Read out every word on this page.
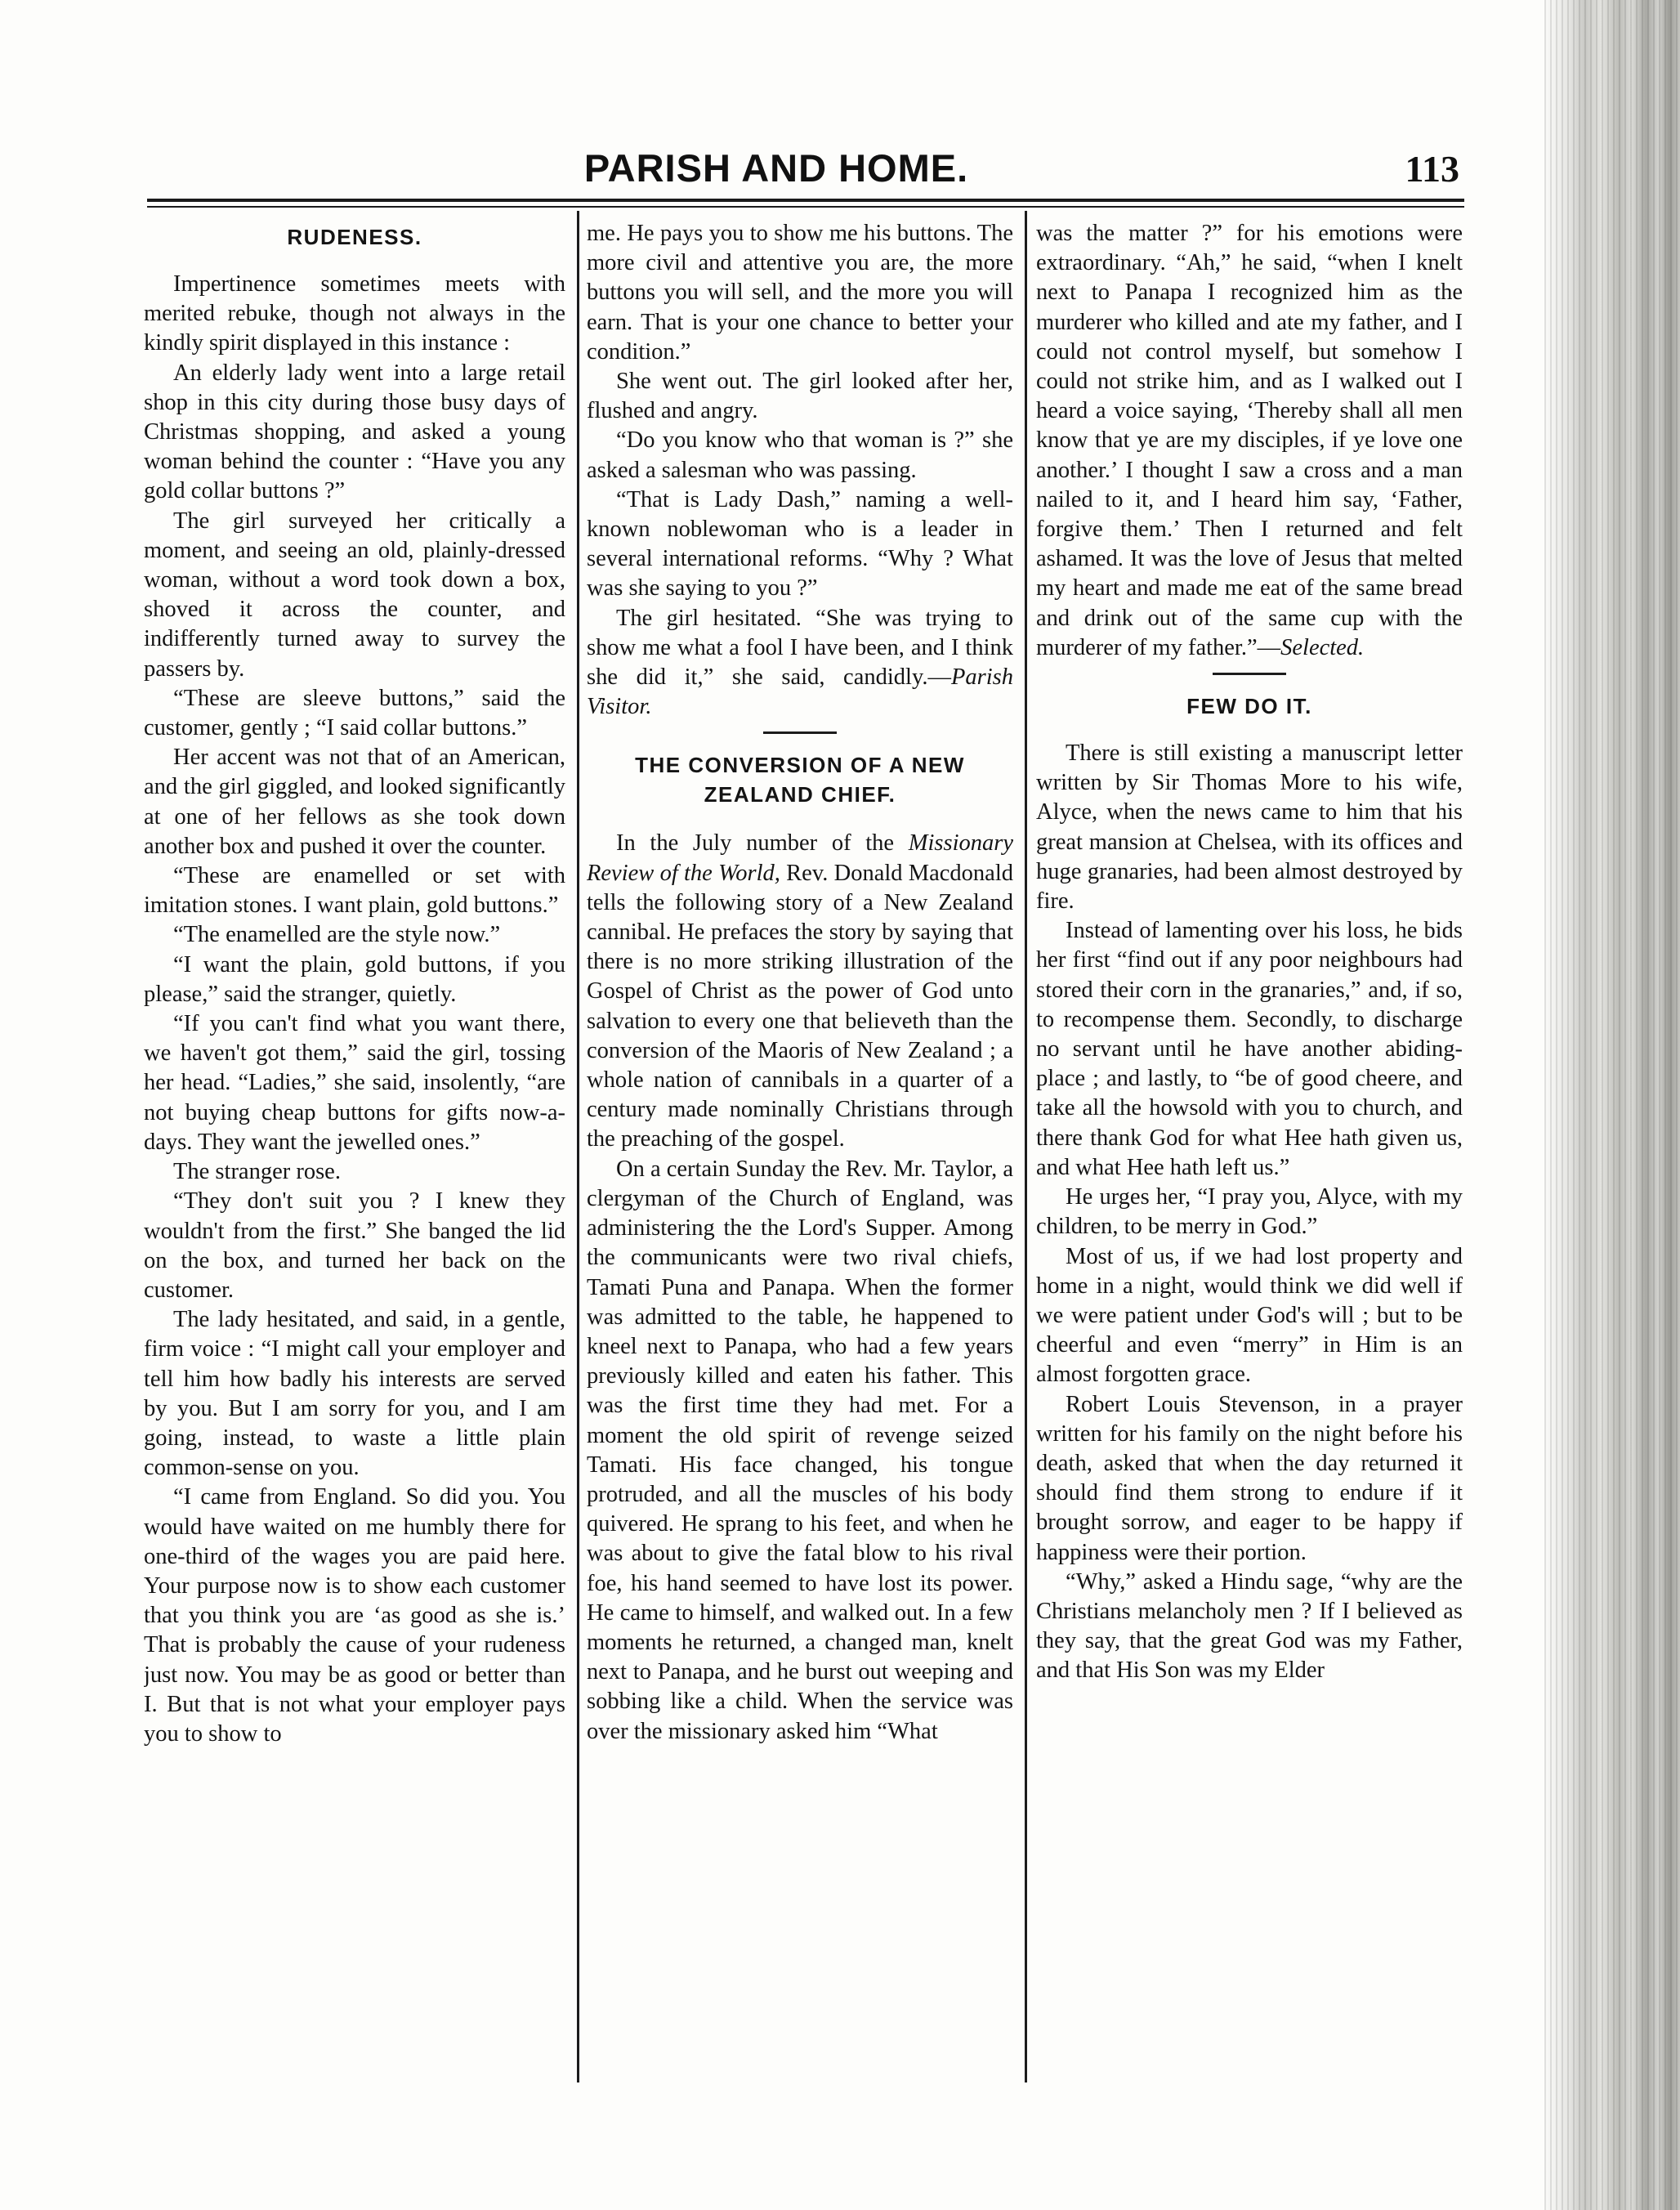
PARISH AND HOME.	113
RUDENESS.

Impertinence sometimes meets with merited rebuke, though not always in the kindly spirit displayed in this instance :

An elderly lady went into a large retail shop in this city during those busy days of Christmas shopping, and asked a young woman behind the counter : “Have you any gold collar buttons ?”

The girl surveyed her critically a moment, and seeing an old, plainly-dressed woman, without a word took down a box, shoved it across the counter, and indifferently turned away to survey the passers by.

“These are sleeve buttons,” said the customer, gently ; “I said collar buttons.”

Her accent was not that of an American, and the girl giggled, and looked significantly at one of her fellows as she took down another box and pushed it over the counter.

“These are enamelled or set with imitation stones. I want plain, gold buttons.”

“The enamelled are the style now.”

“I want the plain, gold buttons, if you please,” said the stranger, quietly.

“If you can't find what you want there, we haven't got them,” said the girl, tossing her head. “Ladies,” she said, insolently, “are not buying cheap buttons for gifts now-a-days. They want the jewelled ones.”

The stranger rose.

“They don't suit you ? I knew they wouldn't from the first.” She banged the lid on the box, and turned her back on the customer.

The lady hesitated, and said, in a gentle, firm voice : “I might call your employer and tell him how badly his interests are served by you. But I am sorry for you, and I am going, instead, to waste a little plain common-sense on you.

“I came from England. So did you. You would have waited on me humbly there for one-third of the wages you are paid here. Your purpose now is to show each customer that you think you are ‘as good as she is.’ That is probably the cause of your rudeness just now. You may be as good or better than I. But that is not what your employer pays you to show to

me. He pays you to show me his buttons. The more civil and attentive you are, the more buttons you will sell, and the more you will earn. That is your one chance to better your condition.”

She went out. The girl looked after her, flushed and angry.

“Do you know who that woman is ?” she asked a salesman who was passing.

“That is Lady Dash,” naming a well-known noblewoman who is a leader in several international reforms. “Why ? What was she saying to you ?”

The girl hesitated. “She was trying to show me what a fool I have been, and I think she did it,” she said, candidly.—Parish Visitor.

THE CONVERSION OF A NEW ZEALAND CHIEF.

In the July number of the Missionary Review of the World, Rev. Donald Macdonald tells the following story of a New Zealand cannibal. He prefaces the story by saying that there is no more striking illustration of the Gospel of Christ as the power of God unto salvation to every one that believeth than the conversion of the Maoris of New Zealand ; a whole nation of cannibals in a quarter of a century made nominally Christians through the preaching of the gospel.

On a certain Sunday the Rev. Mr. Taylor, a clergyman of the Church of England, was administering the the Lord's Supper. Among the communicants were two rival chiefs, Tamati Puna and Panapa. When the former was admitted to the table, he happened to kneel next to Panapa, who had a few years previously killed and eaten his father. This was the first time they had met. For a moment the old spirit of revenge seized Tamati. His face changed, his tongue protruded, and all the muscles of his body quivered. He sprang to his feet, and when he was about to give the fatal blow to his rival foe, his hand seemed to have lost its power. He came to himself, and walked out. In a few moments he returned, a changed man, knelt next to Panapa, and he burst out weeping and sobbing like a child. When the service was over the missionary asked him “What

was the matter ?” for his emotions were extraordinary. “Ah,” he said, “when I knelt next to Panapa I recognized him as the murderer who killed and ate my father, and I could not control myself, but somehow I could not strike him, and as I walked out I heard a voice saying, ‘Thereby shall all men know that ye are my disciples, if ye love one another.’ I thought I saw a cross and a man nailed to it, and I heard him say, ‘Father, forgive them.’ Then I returned and felt ashamed. It was the love of Jesus that melted my heart and made me eat of the same bread and drink out of the same cup with the murderer of my father.”—Selected.

FEW DO IT.

There is still existing a manuscript letter written by Sir Thomas More to his wife, Alyce, when the news came to him that his great mansion at Chelsea, with its offices and huge granaries, had been almost destroyed by fire.

Instead of lamenting over his loss, he bids her first “find out if any poor neighbours had stored their corn in the granaries,” and, if so, to recompense them. Secondly, to discharge no servant until he have another abiding-place ; and lastly, to “be of good cheere, and take all the howsold with you to church, and there thank God for what Hee hath given us, and what Hee hath left us.”

He urges her, “I pray you, Alyce, with my children, to be merry in God.”

Most of us, if we had lost property and home in a night, would think we did well if we were patient under God's will ; but to be cheerful and even “merry” in Him is an almost forgotten grace.

Robert Louis Stevenson, in a prayer written for his family on the night before his death, asked that when the day returned it should find them strong to endure if it brought sorrow, and eager to be happy if happiness were their portion.

“Why,” asked a Hindu sage, “why are the Christians melancholy men ? If I believed as they say, that the great God was my Father, and that His Son was my Elder
